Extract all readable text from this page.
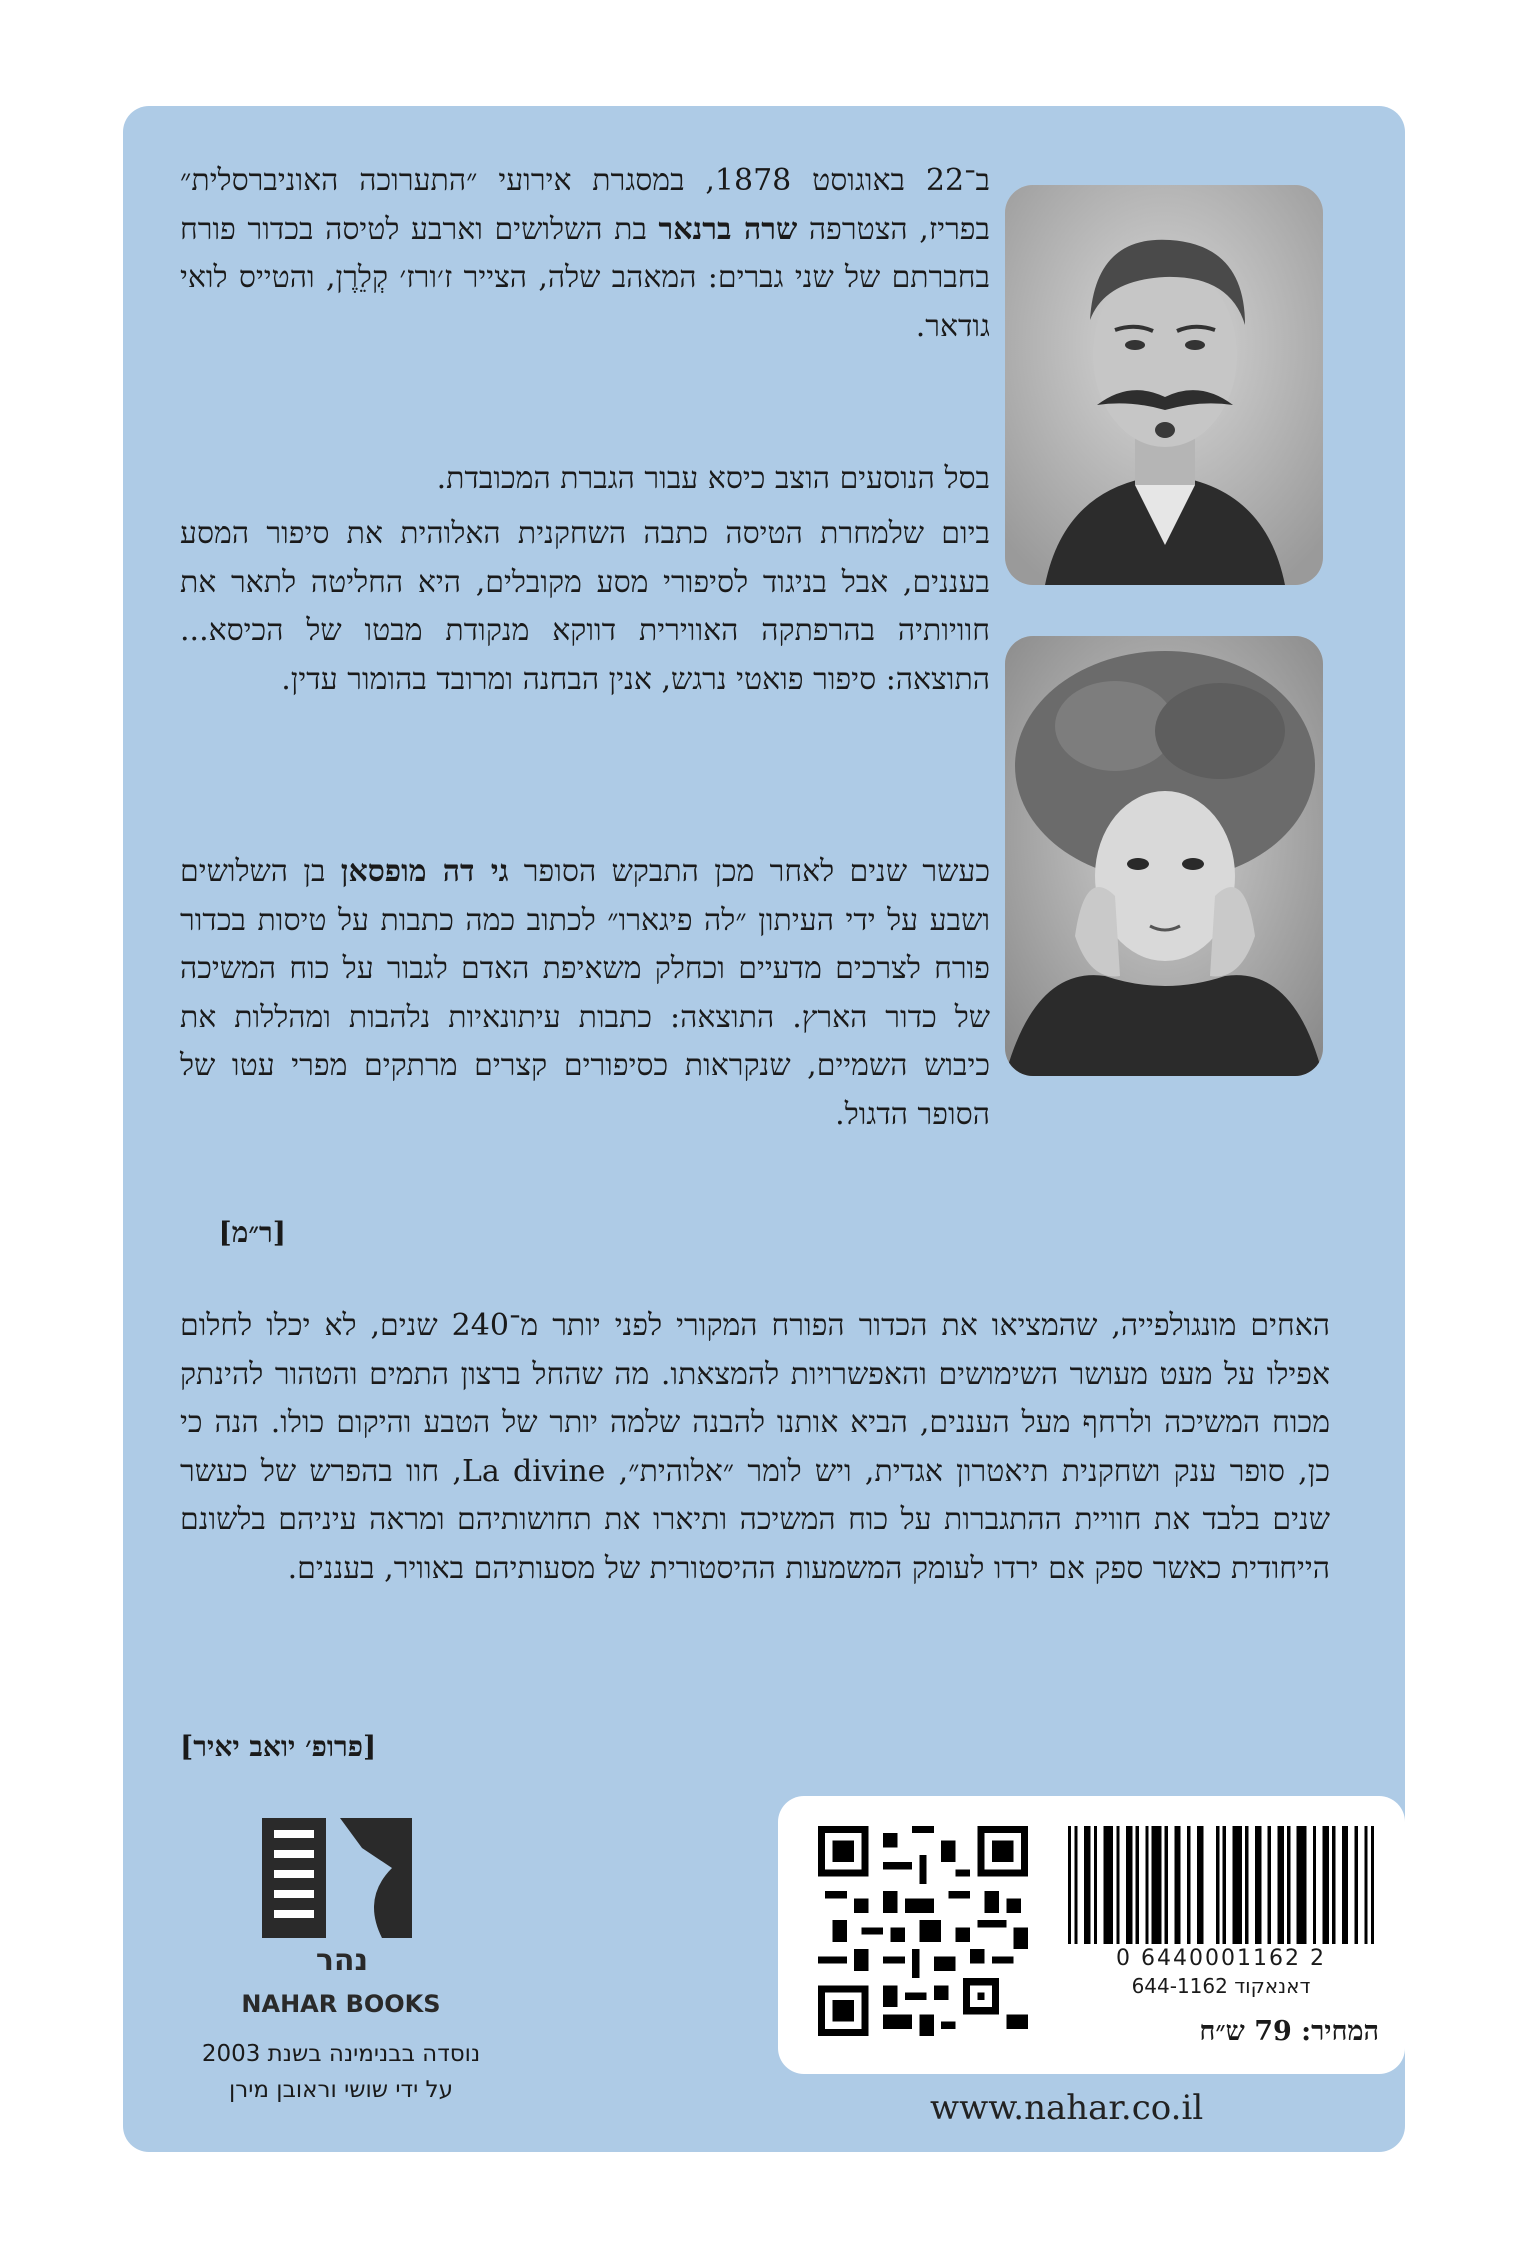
ב־22 באוגוסט 1878, במסגרת אירועי ״התערוכה האוניברסלית״ בפריז, הצטרפה שרה ברנאר בת השלושים וארבע לטיסה בכדור פורח בחברתם של שני גברים: המאהב שלה, הצייר ז׳ורז׳ קְלֵרֶן, והטייס לואי גודאר.

בסל הנוסעים הוצב כיסא עבור הגברת המכובדת.

ביום שלמחרת הטיסה כתבה השחקנית האלוהית את סיפור המסע בעננים, אבל בניגוד לסיפורי מסע מקובלים, היא החליטה לתאר את חוויותיה בהרפתקה האווירית דווקא מנקודת מבטו של הכיסא... התוצאה: סיפור פואטי נרגש, אנין הבחנה ומרובד בהומור עדין.

כעשר שנים לאחר מכן התבקש הסופר גי דה מופסאן בן השלושים ושבע על ידי העיתון ״לה פיגארו״ לכתוב כמה כתבות על טיסות בכדור פורח לצרכים מדעיים וכחלק משאיפת האדם לגבור על כוח המשיכה של כדור הארץ. התוצאה: כתבות עיתונאיות נלהבות ומהללות את כיבוש השמיים, שנקראות כסיפורים קצרים מרתקים מפרי עטו של הסופר הדגול.

[ר״מ]

האחים מונגולפייה, שהמציאו את הכדור הפורח המקורי לפני יותר מ־240 שנים, לא יכלו לחלום אפילו על מעט מעושר השימושים והאפשרויות להמצאתו. מה שהחל ברצון התמים והטהור להינתק מכוח המשיכה ולרחף מעל העננים, הביא אותנו להבנה שלמה יותר של הטבע והיקום כולו. הנה כי כן, סופר ענק ושחקנית תיאטרון אגדית, ויש לומר ״אלוהית״, La divine, חוו בהפרש של כעשר שנים בלבד את חוויית ההתגברות על כוח המשיכה ותיארו את תחושותיהם ומראה עיניהם בלשונם הייחודית כאשר ספק אם ירדו לעומק המשמעות ההיסטורית של מסעותיהם באוויר, בעננים.

[פרופ׳ יואב יאיר]

נהר
NAHAR BOOKS
נוסדה בבנימינה בשנת 2003
על ידי שושי וראובן מירן
0 6440001162 2
דאנאקוד 644-1162
המחיר: 79 ש״ח
www.nahar.co.il
